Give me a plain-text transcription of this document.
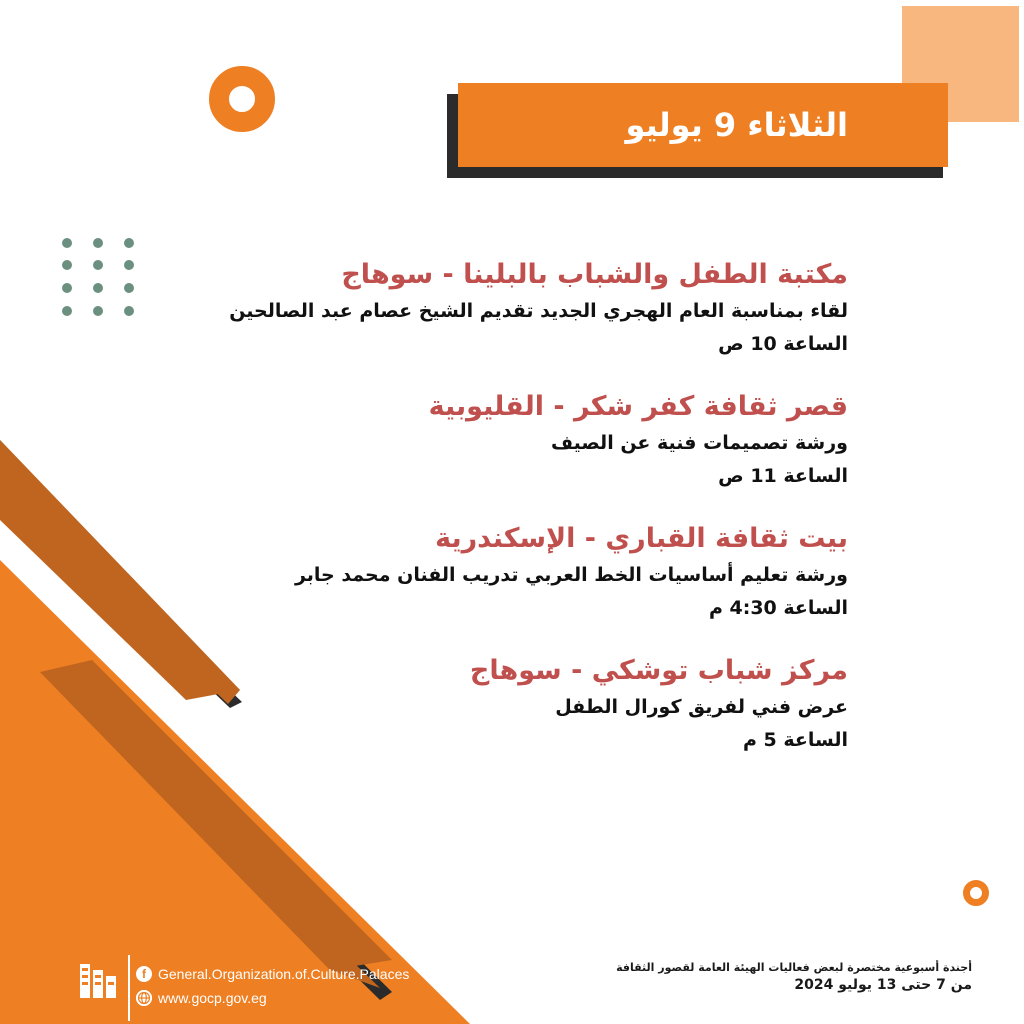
الثلاثاء 9 يوليو
مكتبة الطفل والشباب بالبلينا - سوهاج
لقاء بمناسبة العام الهجري الجديد تقديم الشيخ عصام عبد الصالحين
الساعة 10 ص
قصر ثقافة كفر شكر - القليوبية
ورشة تصميمات فنية عن الصيف
الساعة 11 ص
بيت ثقافة القباري - الإسكندرية
ورشة تعليم أساسيات الخط العربي تدريب الفنان محمد جابر
الساعة 4:30 م
مركز شباب توشكي - سوهاج
عرض فني لفريق كورال الطفل
الساعة 5 م
f General.Organization.of.Culture.Palaces
www.gocp.gov.eg
أجندة أسبوعية مختصرة لبعض فعاليات الهيئة العامة لقصور الثقافة
من 7 حتى 13 يوليو 2024
